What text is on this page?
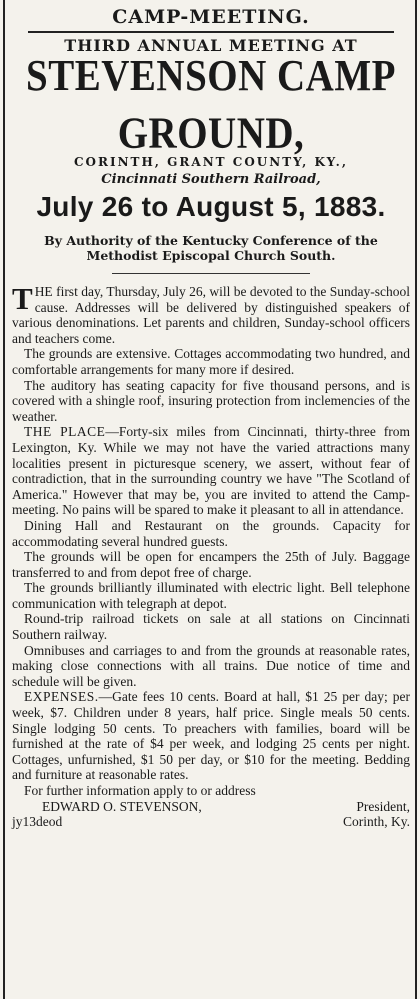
CAMP-MEETING.
THIRD ANNUAL MEETING AT
STEVENSON CAMP GROUND,
CORINTH, GRANT COUNTY, KY.,
Cincinnati Southern Railroad,
July 26 to August 5, 1883.
By Authority of the Kentucky Conference of the Methodist Episcopal Church South.

THE first day, Thursday, July 26, will be devoted to the Sunday-school cause. Addresses will be delivered by distinguished speakers of various denominations. Let parents and children, Sunday-school officers and teachers come.

The grounds are extensive. Cottages accommodating two hundred, and comfortable arrangements for many more if desired.

The auditory has seating capacity for five thousand persons, and is covered with a shingle roof, insuring protection from inclemencies of the weather.

THE PLACE—Forty-six miles from Cincinnati, thirty-three from Lexington, Ky. While we may not have the varied attractions many localities present in picturesque scenery, we assert, without fear of contradiction, that in the surrounding country we have "The Scotland of America." However that may be, you are invited to attend the Camp-meeting. No pains will be spared to make it pleasant to all in attendance.

Dining Hall and Restaurant on the grounds. Capacity for accommodating several hundred guests.

The grounds will be open for encampers the 25th of July. Baggage transferred to and from depot free of charge.

The grounds brilliantly illuminated with electric light. Bell telephone communication with telegraph at depot.

Round-trip railroad tickets on sale at all stations on Cincinnati Southern railway.

Omnibuses and carriages to and from the grounds at reasonable rates, making close connections with all trains. Due notice of time and schedule will be given.

EXPENSES.—Gate fees 10 cents. Board at hall, $1 25 per day; per week, $7. Children under 8 years, half price. Single meals 50 cents. Single lodging 50 cents. To preachers with families, board will be furnished at the rate of $4 per week, and lodging 25 cents per night. Cottages, unfurnished, $1 50 per day, or $10 for the meeting. Bedding and furniture at reasonable rates.

For further information apply to or address

EDWARD O. STEVENSON,	President,
jy13deod	Corinth, Ky.
